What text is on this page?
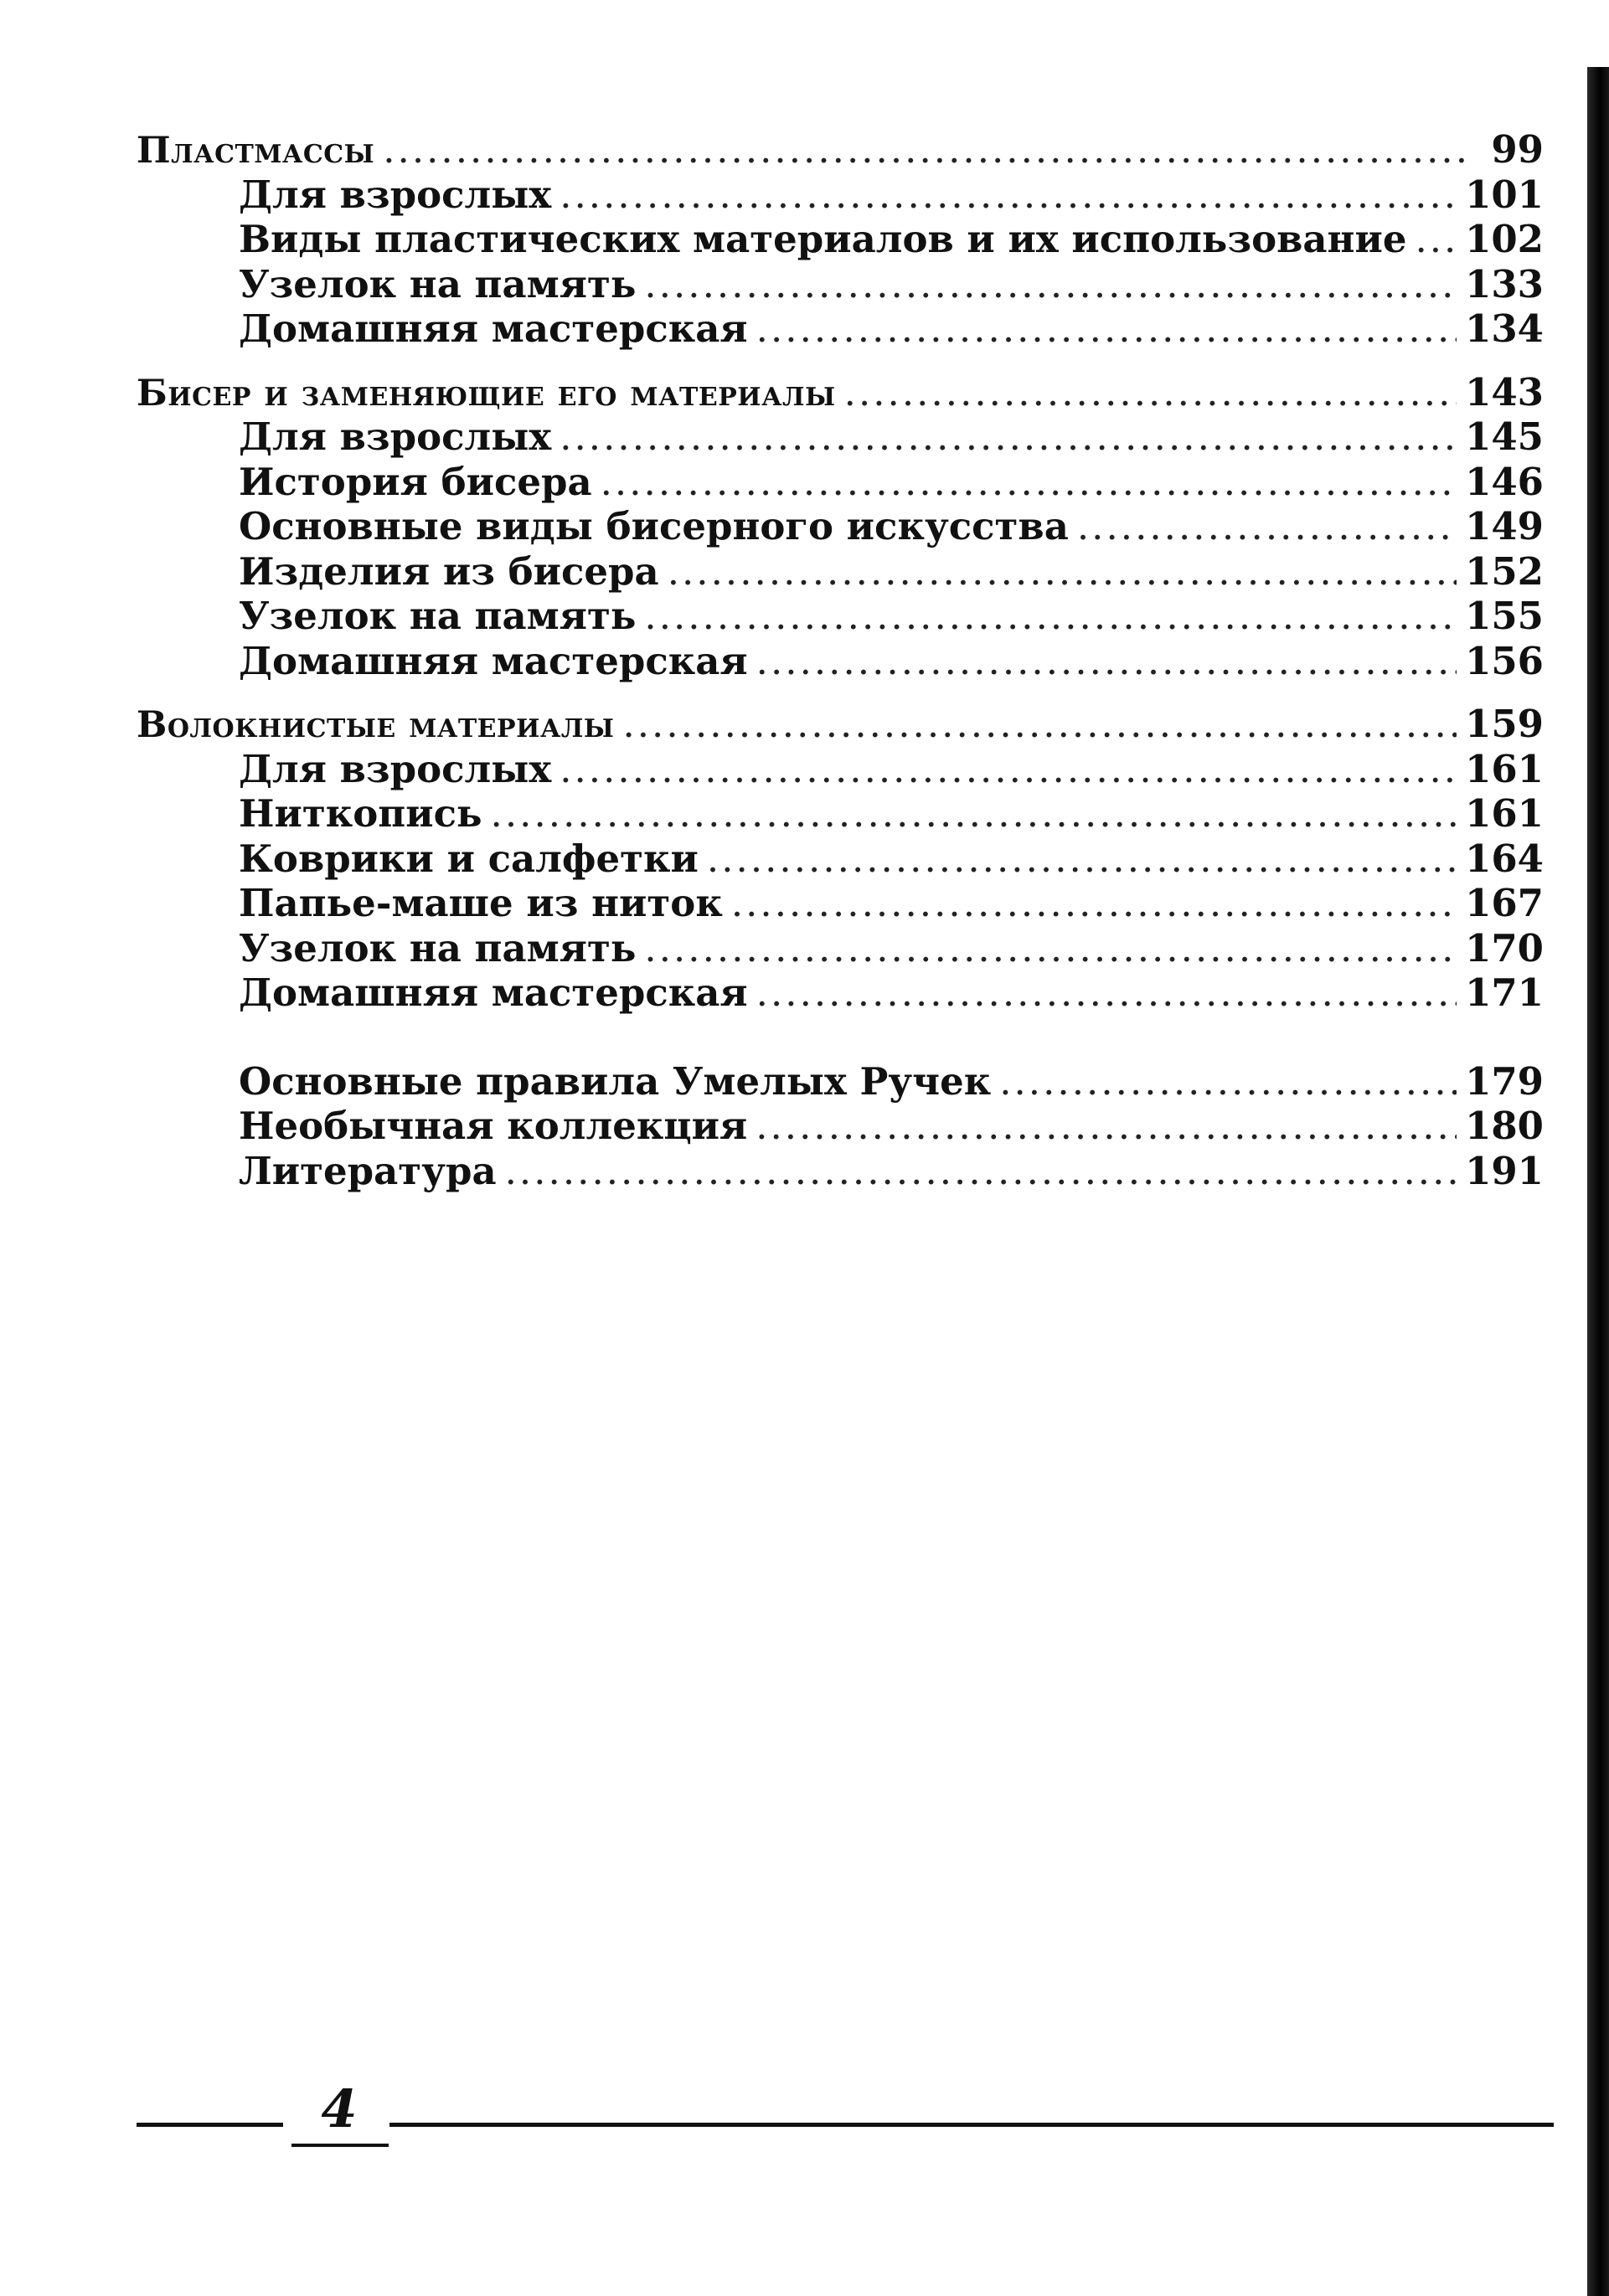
Пластмассы .....	99
Для взрослых .....	101
Виды пластических материалов и их использование ..... 102
Узелок на память .....	133
Домашняя мастерская .....	134
Бисер и заменяющие его материалы .....	143
Для взрослых .....	145
История бисера .....	146
Основные виды бисерного искусства .....	149
Изделия из бисера .....	152
Узелок на память .....	155
Домашняя мастерская .....	156
Волокнистые материалы .....	159
Для взрослых .....	161
Ниткопись .....	161
Коврики и салфетки .....	164
Папье-маше из ниток .....	167
Узелок на память .....	170
Домашняя мастерская .....	171
Основные правила Умелых Ручек .....	179
Необычная коллекция .....	180
Литература .....	191
4
